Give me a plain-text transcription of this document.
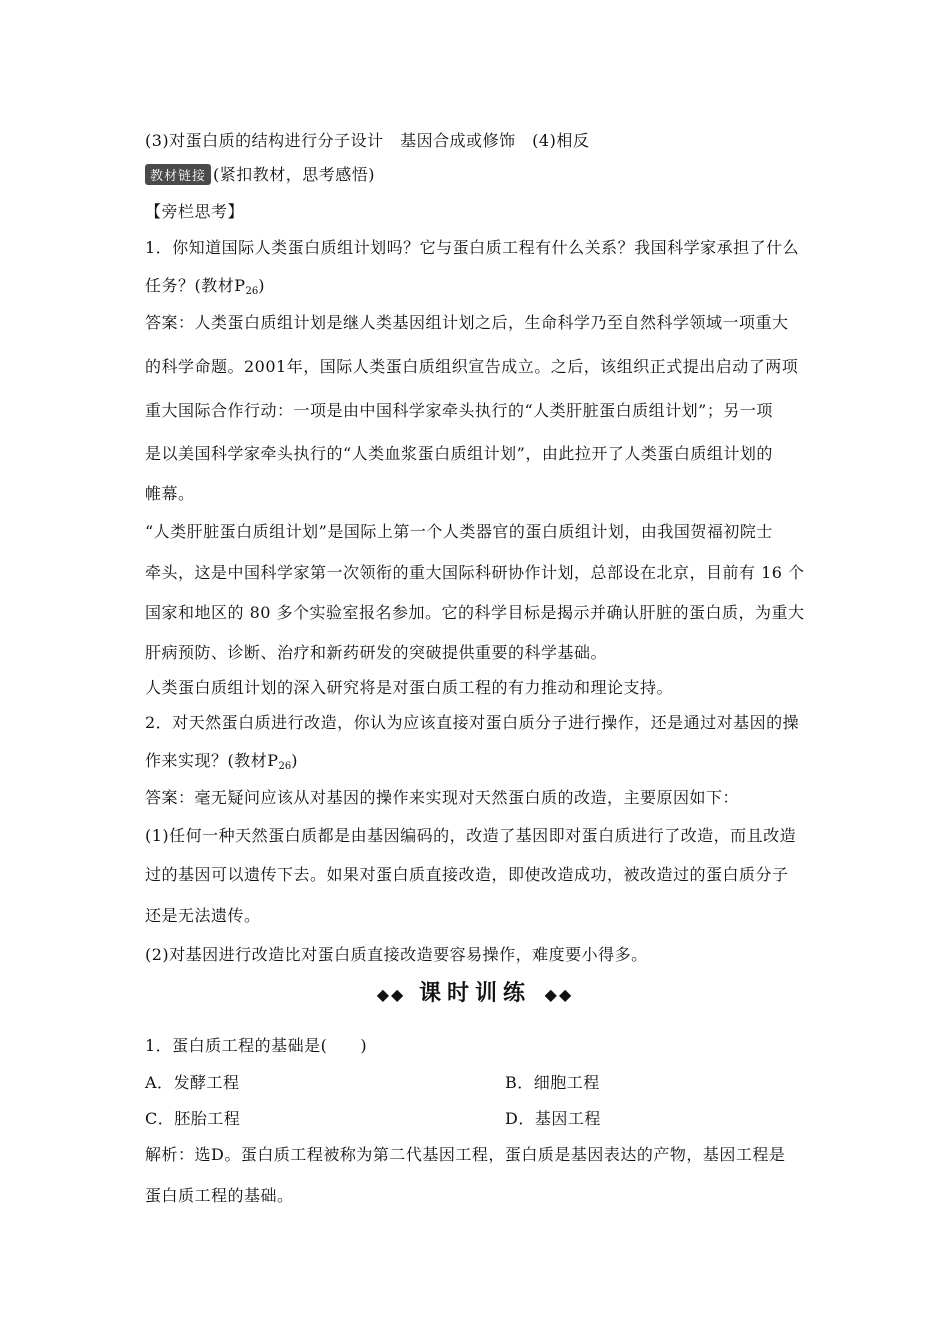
(3)对蛋白质的结构进行分子设计　基因合成或修饰　(4)相反
教材链接 (紧扣教材，思考感悟)
【旁栏思考】
1．你知道国际人类蛋白质组计划吗？它与蛋白质工程有什么关系？我国科学家承担了什么
任务？(教材$P_{26}$)
答案：人类蛋白质组计划是继人类基因组计划之后，生命科学乃至自然科学领域一项重大
的科学命题。2001年，国际人类蛋白质组织宣告成立。之后，该组织正式提出启动了两项
重大国际合作行动：一项是由中国科学家牵头执行的“人类肝脏蛋白质组计划”；另一项
是以美国科学家牵头执行的“人类血浆蛋白质组计划”，由此拉开了人类蛋白质组计划的
帷幕。
“人类肝脏蛋白质组计划”是国际上第一个人类器官的蛋白质组计划，由我国贺福初院士
牵头，这是中国科学家第一次领衔的重大国际科研协作计划，总部设在北京，目前有 16 个
国家和地区的 80 多个实验室报名参加。它的科学目标是揭示并确认肝脏的蛋白质，为重大
肝病预防、诊断、治疗和新药研发的突破提供重要的科学基础。
人类蛋白质组计划的深入研究将是对蛋白质工程的有力推动和理论支持。
2．对天然蛋白质进行改造，你认为应该直接对蛋白质分子进行操作，还是通过对基因的操
作来实现？(教材$P_{26}$)
答案：毫无疑问应该从对基因的操作来实现对天然蛋白质的改造，主要原因如下：
(1)任何一种天然蛋白质都是由基因编码的，改造了基因即对蛋白质进行了改造，而且改造
过的基因可以遗传下去。如果对蛋白质直接改造，即使改造成功，被改造过的蛋白质分子
还是无法遗传。
(2)对基因进行改造比对蛋白质直接改造要容易操作，难度要小得多。
◆◆ 课时训练 ◆◆
1．蛋白质工程的基础是(　　)
A．发酵工程	B．细胞工程
C．胚胎工程	D．基因工程
解析：选D。蛋白质工程被称为第二代基因工程，蛋白质是基因表达的产物，基因工程是
蛋白质工程的基础。
